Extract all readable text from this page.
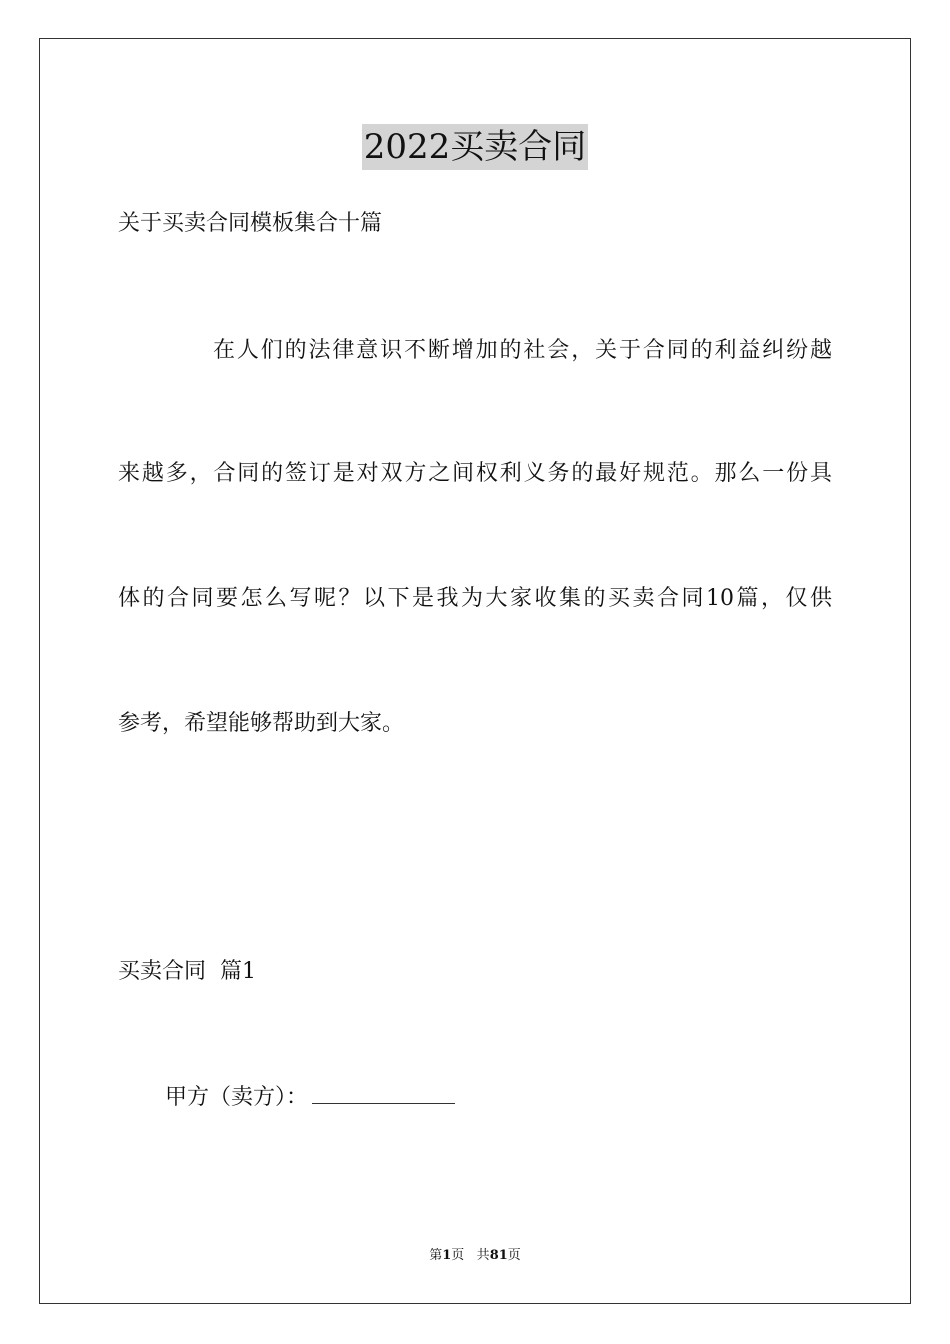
2022买卖合同
关于买卖合同模板集合十篇
在人们的法律意识不断增加的社会，关于合同的利益纠纷越
来越多，合同的签订是对双方之间权利义务的最好规范。那么一份具
体的合同要怎么写呢？以下是我为大家收集的买卖合同10篇，仅供
参考，希望能够帮助到大家。
买卖合同  篇1
甲方（卖方）：
第1页 共81页
